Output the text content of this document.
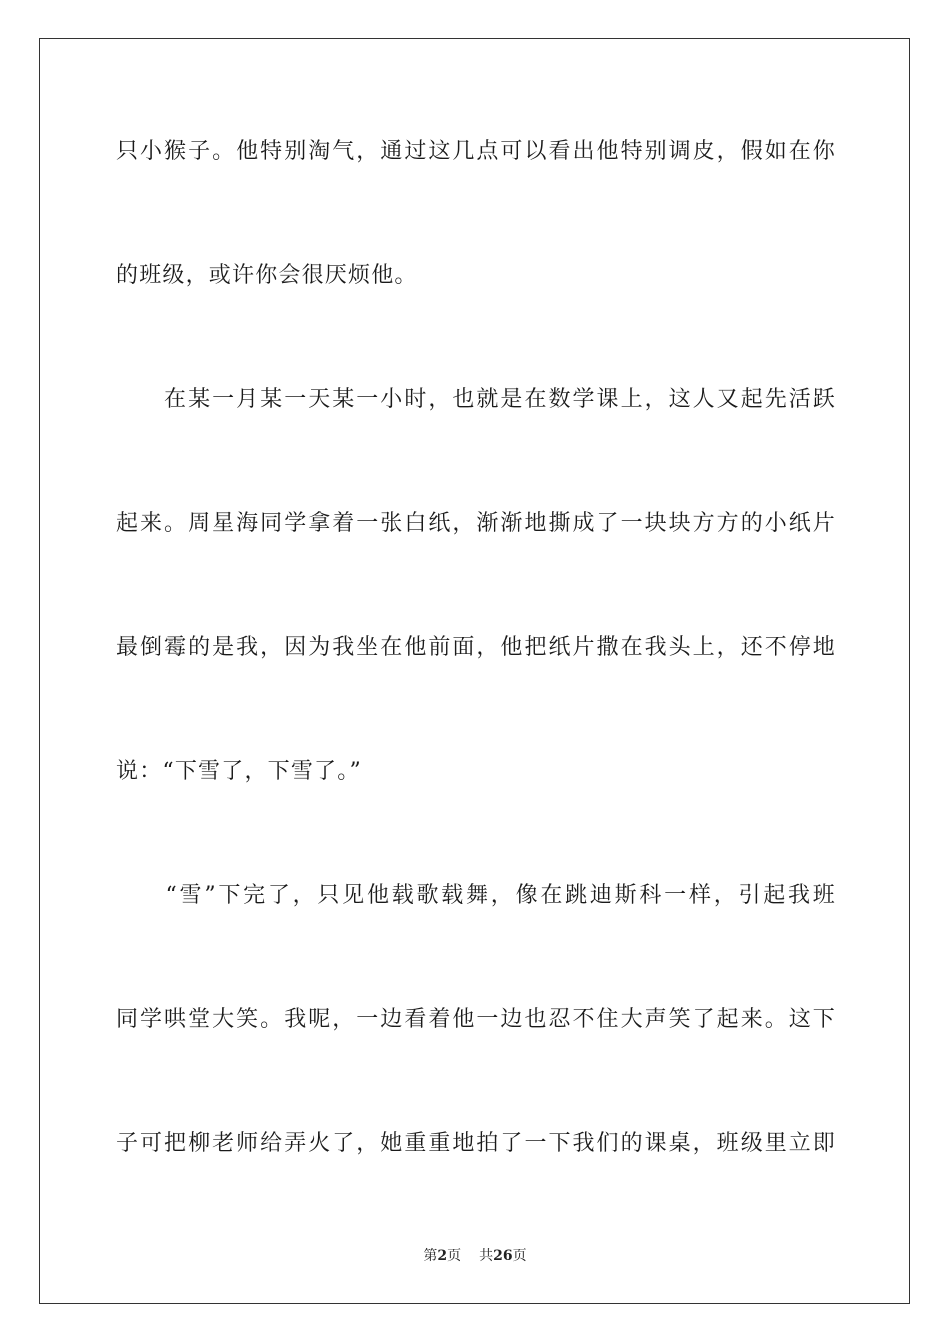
只小猴子。他特别淘气，通过这几点可以看出他特别调皮，假如在你
的班级，或许你会很厌烦他。
　　在某一月某一天某一小时，也就是在数学课上，这人又起先活跃
起来。周星海同学拿着一张白纸，渐渐地撕成了一块块方方的小纸片
最倒霉的是我，因为我坐在他前面，他把纸片撒在我头上，还不停地
说：“下雪了，下雪了。”
　　“雪”下完了，只见他载歌载舞，像在跳迪斯科一样，引起我班
同学哄堂大笑。我呢，一边看着他一边也忍不住大声笑了起来。这下
子可把柳老师给弄火了，她重重地拍了一下我们的课桌，班级里立即
第2页 共26页
